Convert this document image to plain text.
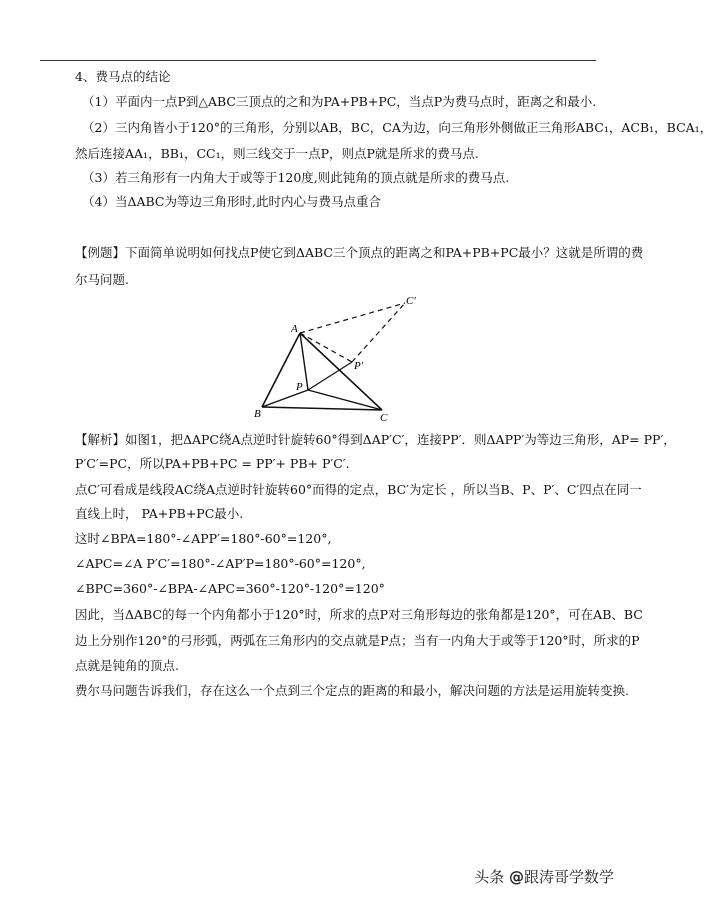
4、费马点的结论
（1）平面内一点P到△ABC三顶点的之和为PA+PB+PC，当点P为费马点时，距离之和最小.
（2）三内角皆小于120°的三角形，分别以AB，BC，CA为边，向三角形外侧做正三角形ABC₁，ACB₁，BCA₁，
然后连接AA₁，BB₁，CC₁，则三线交于一点P，则点P就是所求的费马点.
（3）若三角形有一内角大于或等于120度,则此钝角的顶点就是所求的费马点.
（4）当ΔABC为等边三角形时,此时内心与费马点重合
【例题】下面简单说明如何找点P使它到ΔABC三个顶点的距离之和PA+PB+PC最小？这就是所谓的费
尔马问题.
A
B	C
P
P′
C′
【解析】如图1，把ΔAPC绕A点逆时针旋转60°得到ΔAP′C′，连接PP′．则ΔAPP′为等边三角形，AP= PP′，
P′C′=PC，所以PA+PB+PC = PP′+ PB+ P′C′.
点C′可看成是线段AC绕A点逆时针旋转60°而得的定点，BC′为定长 ，所以当B、P、P′、C′四点在同一
直线上时， PA+PB+PC最小.
这时∠BPA=180°-∠APP′=180°-60°=120°,
∠APC=∠A P′C′=180°-∠AP′P=180°-60°=120°,
∠BPC=360°-∠BPA-∠APC=360°-120°-120°=120°
因此，当ΔABC的每一个内角都小于120°时，所求的点P对三角形每边的张角都是120°，可在AB、BC
边上分别作120°的弓形弧，两弧在三角形内的交点就是P点；当有一内角大于或等于120°时，所求的P
点就是钝角的顶点.
费尔马问题告诉我们，存在这么一个点到三个定点的距离的和最小，解决问题的方法是运用旋转变换.
头条 @跟涛哥学数学
